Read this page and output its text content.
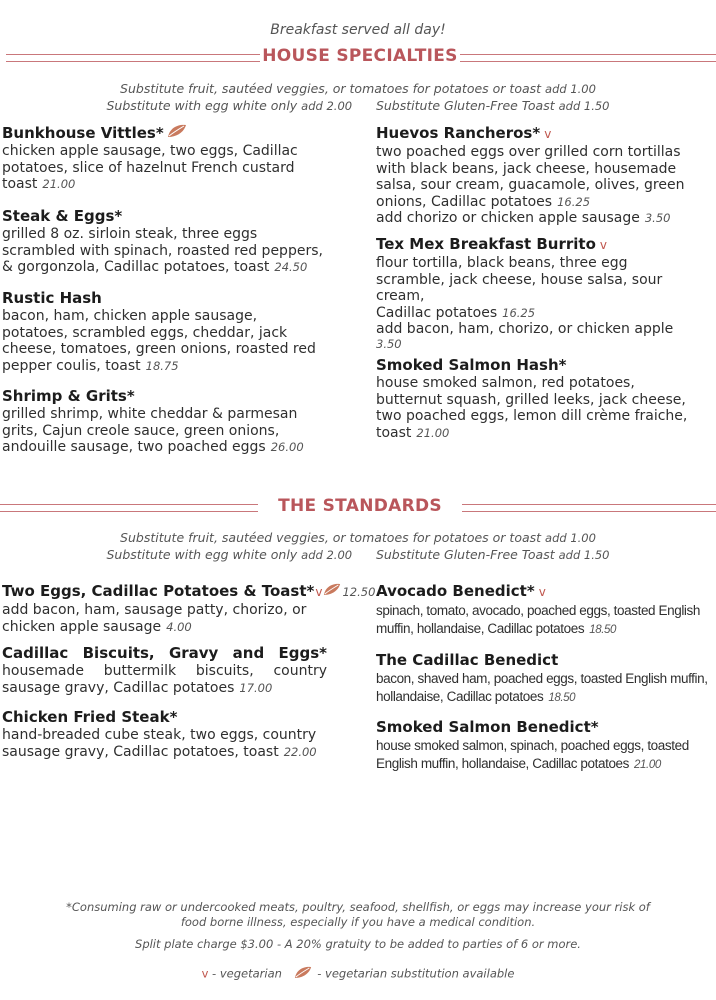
Breakfast served all day!
HOUSE SPECIALTIES
Substitute fruit, sautéed veggies, or tomatoes for potatoes or toast add 1.00
Substitute with egg white only add 2.00 Substitute Gluten-Free Toast add 1.50
Bunkhouse Vittles*
chicken apple sausage, two eggs, Cadillac
potatoes, slice of hazelnut French custard
toast 21.00
Steak & Eggs*
grilled 8 oz. sirloin steak, three eggs
scrambled with spinach, roasted red peppers,
& gorgonzola, Cadillac potatoes, toast 24.50
Rustic Hash
bacon, ham, chicken apple sausage,
potatoes, scrambled eggs, cheddar, jack
cheese, tomatoes, green onions, roasted red
pepper coulis, toast 18.75
Shrimp & Grits*
grilled shrimp, white cheddar & parmesan
grits, Cajun creole sauce, green onions,
andouille sausage, two poached eggs 26.00
Huevos Rancheros* v
two poached eggs over grilled corn tortillas
with black beans, jack cheese, housemade
salsa, sour cream, guacamole, olives, green
onions, Cadillac potatoes 16.25
add chorizo or chicken apple sausage 3.50
Tex Mex Breakfast Burrito v
flour tortilla, black beans, three egg
scramble, jack cheese, house salsa, sour
cream,
Cadillac potatoes 16.25
add bacon, ham, chorizo, or chicken apple
3.50
Smoked Salmon Hash*
house smoked salmon, red potatoes,
butternut squash, grilled leeks, jack cheese,
two poached eggs, lemon dill crème fraiche,
toast 21.00
THE STANDARDS
Substitute fruit, sautéed veggies, or tomatoes for potatoes or toast add 1.00
Substitute with egg white only add 2.00 Substitute Gluten-Free Toast add 1.50
Two Eggs, Cadillac Potatoes & Toast*v 12.50
add bacon, ham, sausage patty, chorizo, or
chicken apple sausage 4.00
Cadillac Biscuits, Gravy and Eggs*
housemade buttermilk biscuits, country
sausage gravy, Cadillac potatoes 17.00
Chicken Fried Steak*
hand-breaded cube steak, two eggs, country
sausage gravy, Cadillac potatoes, toast 22.00
Avocado Benedict* v
spinach, tomato, avocado, poached eggs, toasted English
muffin, hollandaise, Cadillac potatoes 18.50
The Cadillac Benedict
bacon, shaved ham, poached eggs, toasted English muffin,
hollandaise, Cadillac potatoes 18.50
Smoked Salmon Benedict*
house smoked salmon, spinach, poached eggs, toasted
English muffin, hollandaise, Cadillac potatoes 21.00
*Consuming raw or undercooked meats, poultry, seafood, shellfish, or eggs may increase your risk of
food borne illness, especially if you have a medical condition.
Split plate charge $3.00 - A 20% gratuity to be added to parties of 6 or more.
v - vegetarian	- vegetarian substitution available
